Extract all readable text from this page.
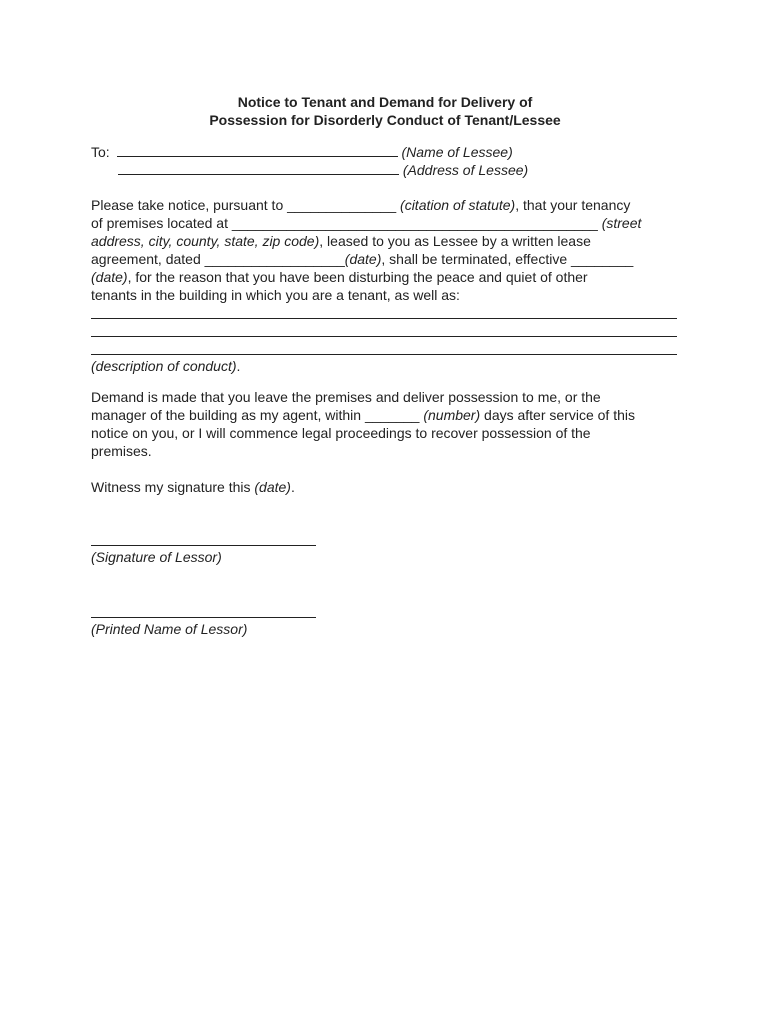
Notice to Tenant and Demand for Delivery of
Possession for Disorderly Conduct of Tenant/Lessee
To:	(Name of Lessee)
(Address of Lessee)
Please take notice, pursuant to ______________ (citation of statute), that your tenancy
of premises located at _______________________________________________ (street
address, city, county, state, zip code), leased to you as Lessee by a written lease
agreement, dated __________________(date), shall be terminated, effective ________
(date), for the reason that you have been disturbing the peace and quiet of other
tenants in the building in which you are a tenant, as well as:
(description of conduct).
Demand is made that you leave the premises and deliver possession to me, or the
manager of the building as my agent, within _______ (number) days after service of this
notice on you, or I will commence legal proceedings to recover possession of the
premises.
Witness my signature this (date).
(Signature of Lessor)
(Printed Name of Lessor)
